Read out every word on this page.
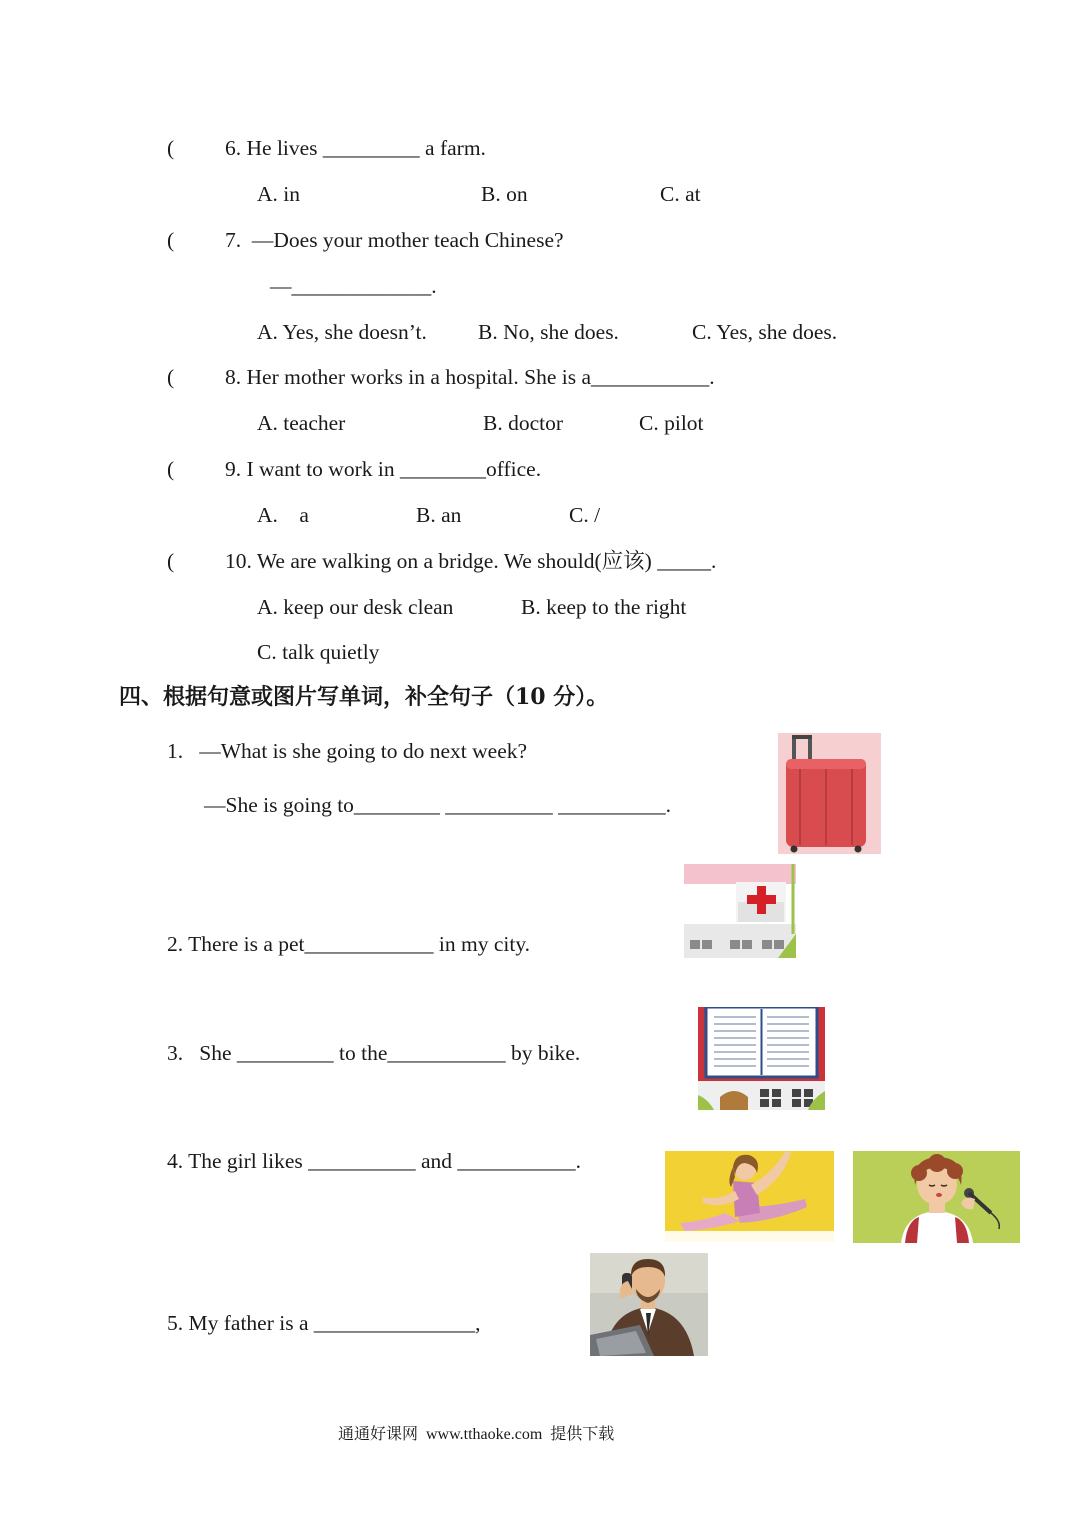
( 6. He lives _________ a farm.
A. in	B. on	C. at
( 7.  —Does your mother teach Chinese?
—_____________.
A. Yes, she doesn’t. B. No, she does.	C. Yes, she does.
( 8. Her mother works in a hospital. She is a___________.
A. teacher	B. doctor	C. pilot
( 9. I want to work in ________office.
A.    a	B. an	C. /
( 10. We are walking on a bridge. We should(应该) _____.
A. keep our desk clean	B. keep to the right
C. talk quietly
四、根据句意或图片写单词，补全句子（10 分）。
1.   —What is she going to do next week?
—She is going to________ __________ __________.
2. There is a pet____________ in my city.
3.   She _________ to the___________ by bike.
4. The girl likes __________ and ___________.
5. My father is a _______________,
通通好课网  www.tthaoke.com  提供下载
